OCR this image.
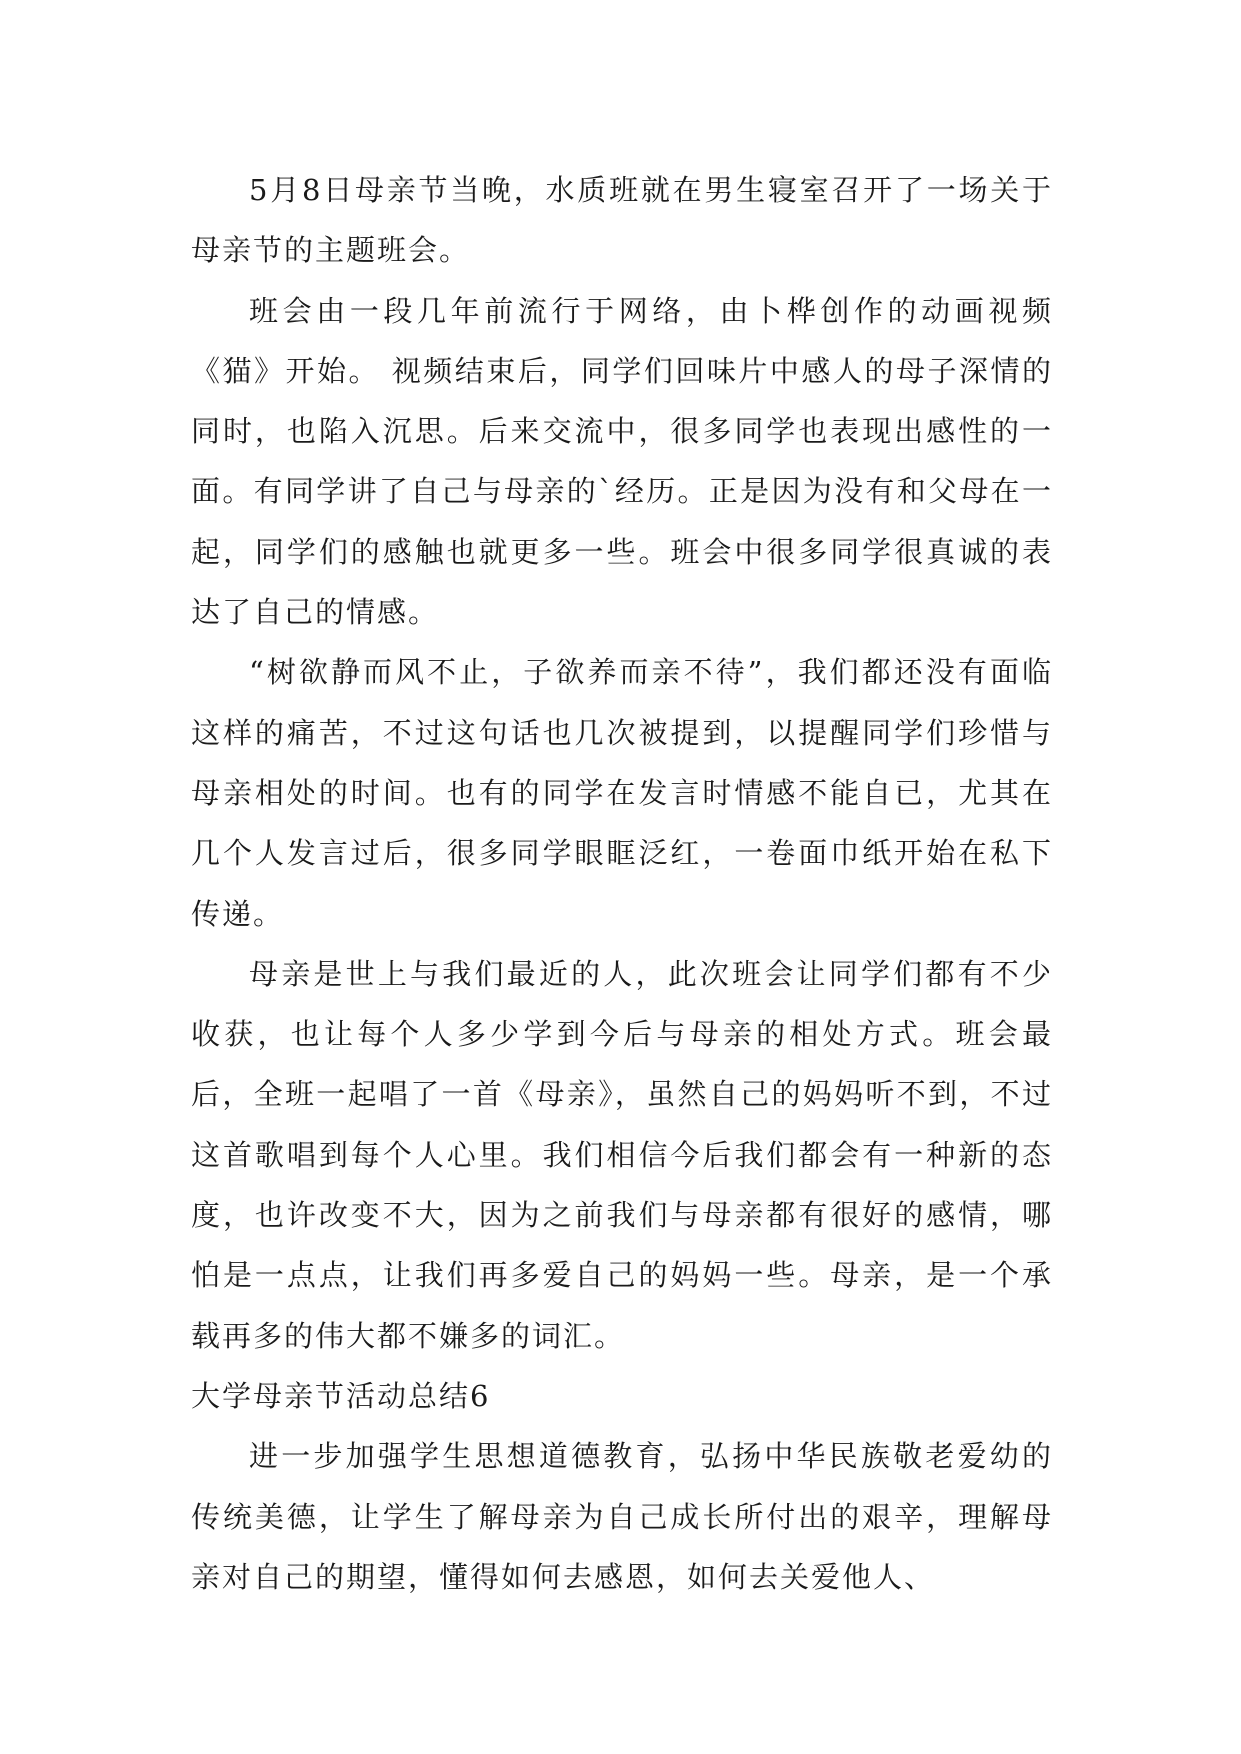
5月8日母亲节当晚，水质班就在男生寝室召开了一场关于母亲节的主题班会。

班会由一段几年前流行于网络，由卜桦创作的动画视频《猫》开始。 视频结束后，同学们回味片中感人的母子深情的同时，也陷入沉思。后来交流中，很多同学也表现出感性的一面。有同学讲了自己与母亲的`经历。正是因为没有和父母在一起，同学们的感触也就更多一些。班会中很多同学很真诚的表达了自己的情感。

“树欲静而风不止，子欲养而亲不待”，我们都还没有面临这样的痛苦，不过这句话也几次被提到，以提醒同学们珍惜与母亲相处的时间。也有的同学在发言时情感不能自已，尤其在几个人发言过后，很多同学眼眶泛红，一卷面巾纸开始在私下传递。

母亲是世上与我们最近的人，此次班会让同学们都有不少收获，也让每个人多少学到今后与母亲的相处方式。班会最后，全班一起唱了一首《母亲》，虽然自己的妈妈听不到，不过这首歌唱到每个人心里。我们相信今后我们都会有一种新的态度，也许改变不大，因为之前我们与母亲都有很好的感情，哪怕是一点点，让我们再多爱自己的妈妈一些。母亲，是一个承载再多的伟大都不嫌多的词汇。

大学母亲节活动总结6

进一步加强学生思想道德教育，弘扬中华民族敬老爱幼的传统美德，让学生了解母亲为自己成长所付出的艰辛，理解母亲对自己的期望，懂得如何去感恩，如何去关爱他人、
